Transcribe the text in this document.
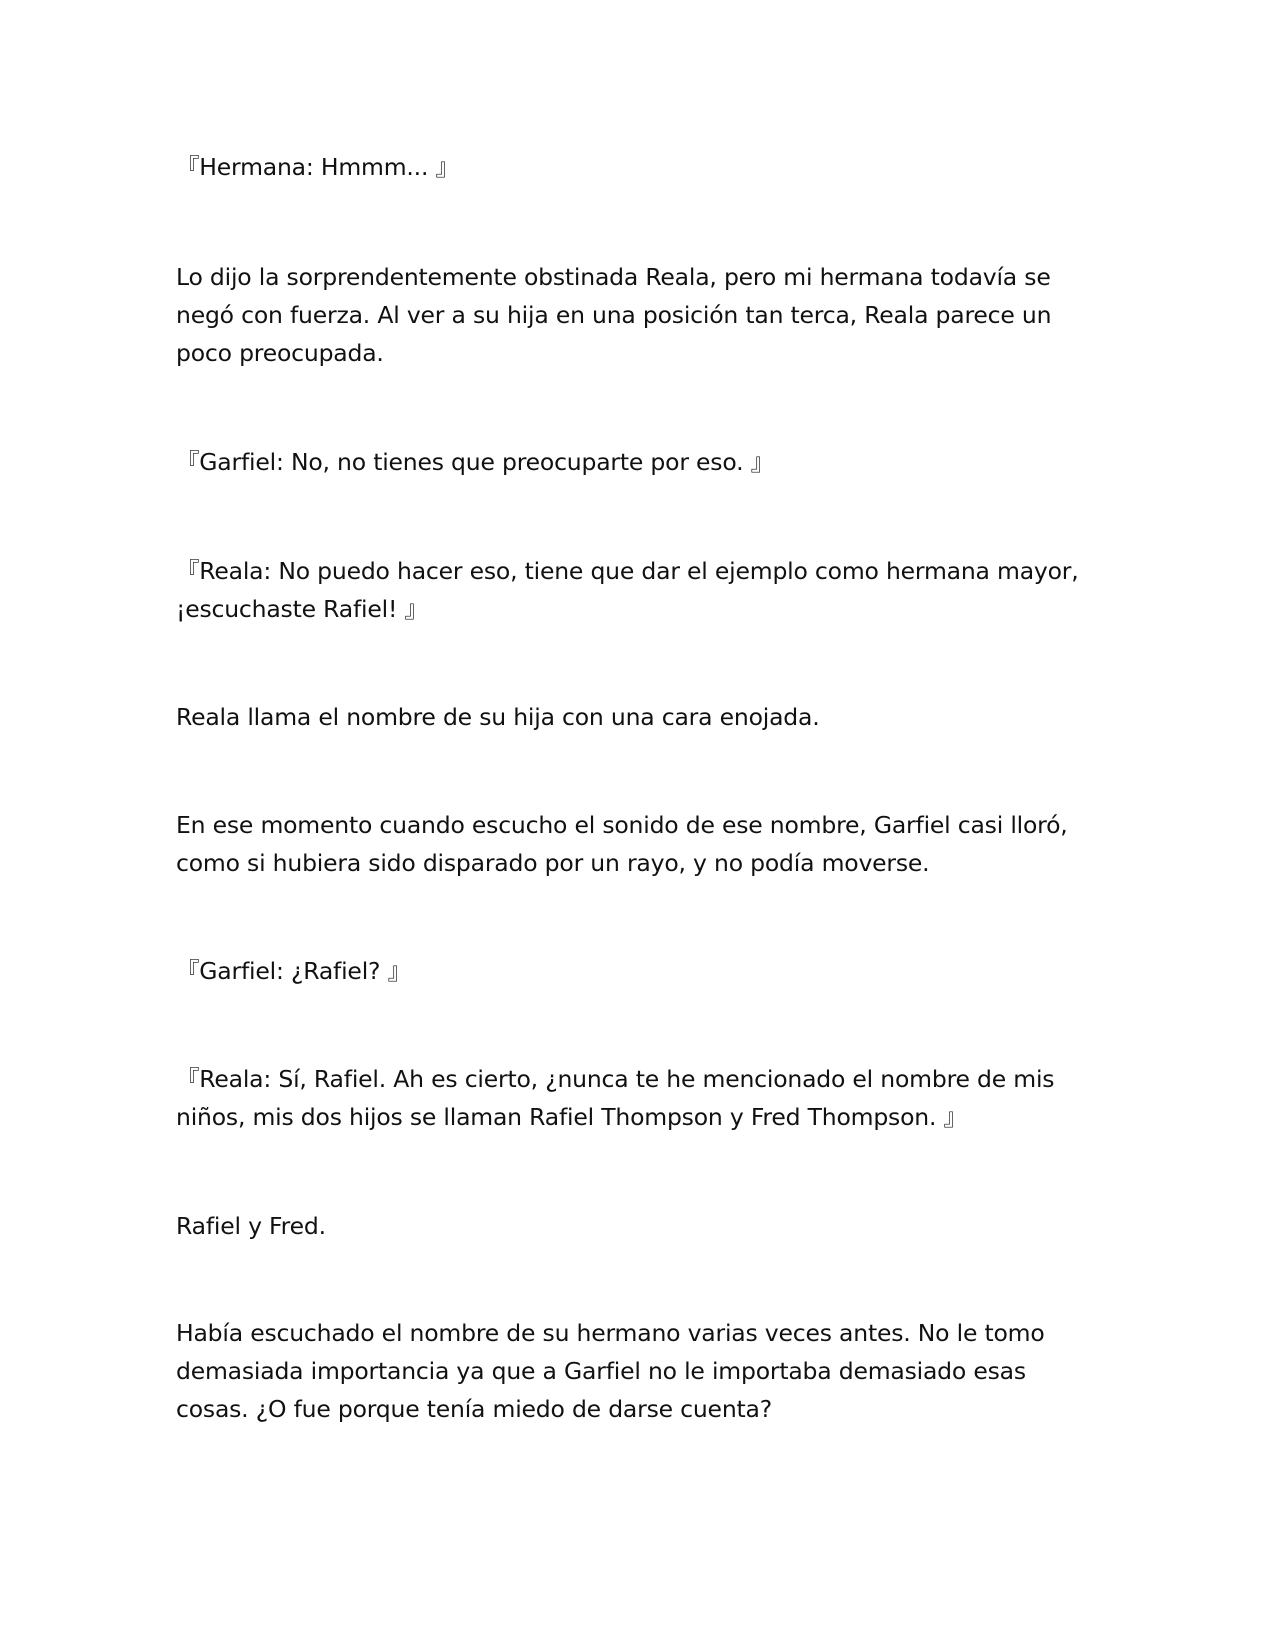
『Hermana: Hmmm... 』

Lo dijo la sorprendentemente obstinada Reala, pero mi hermana todavía se negó con fuerza. Al ver a su hija en una posición tan terca, Reala parece un poco preocupada.

『Garfiel: No, no tienes que preocuparte por eso. 』

『Reala: No puedo hacer eso, tiene que dar el ejemplo como hermana mayor, ¡escuchaste Rafiel! 』

Reala llama el nombre de su hija con una cara enojada.

En ese momento cuando escucho el sonido de ese nombre, Garfiel casi lloró, como si hubiera sido disparado por un rayo, y no podía moverse.

『Garfiel: ¿Rafiel? 』

『Reala: Sí, Rafiel. Ah es cierto, ¿nunca te he mencionado el nombre de mis niños, mis dos hijos se llaman Rafiel Thompson y Fred Thompson. 』

Rafiel y Fred.

Había escuchado el nombre de su hermano varias veces antes. No le tomo demasiada importancia ya que a Garfiel no le importaba demasiado esas cosas. ¿O fue porque tenía miedo de darse cuenta?
